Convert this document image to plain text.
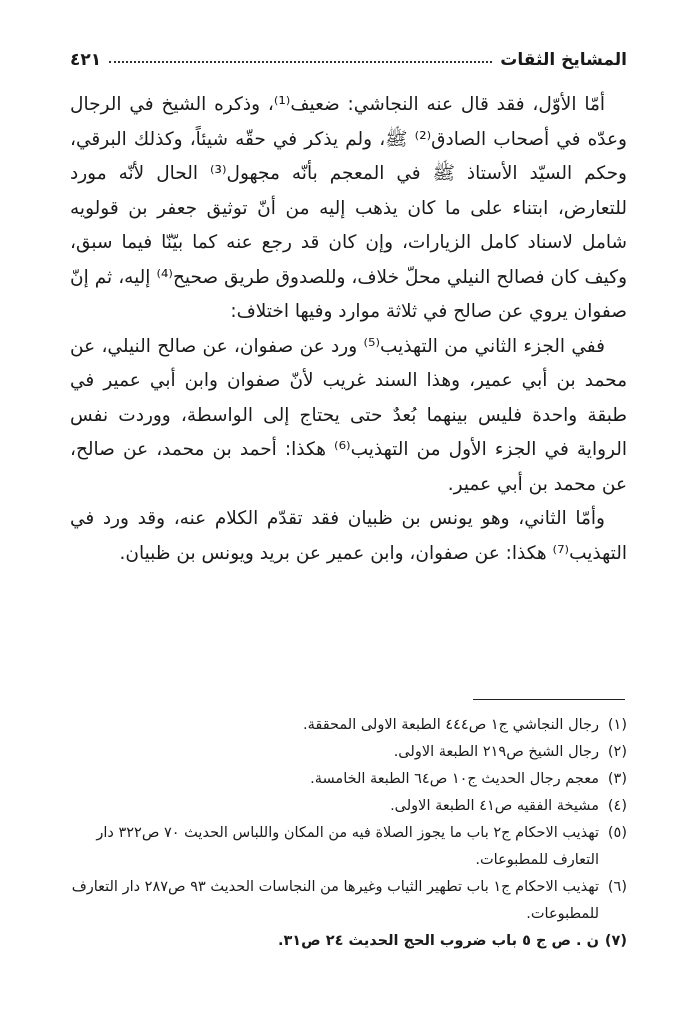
المشايخ الثقات
٤٢١

أمّا الأوّل، فقد قال عنه النجاشي: ضعيف⁽¹⁾، وذكره الشيخ في الرجال وعدّه في أصحاب الصادق⁽²⁾ ﷺ، ولم يذكر في حقّه شيئاً، وكذلك البرقي، وحكم السيّد الأستاذ ﷺ في المعجم بأنّه مجهول⁽³⁾ الحال لأنّه مورد للتعارض، ابتناء على ما كان يذهب إليه من أنّ توثيق جعفر بن قولويه شامل لاسناد كامل الزيارات، وإن كان قد رجع عنه كما بيّنّا فيما سبق، وكيف كان فصالح النيلي محلّ خلاف، وللصدوق طريق صحيح⁽⁴⁾ إليه، ثم إنّ صفوان يروي عن صالح في ثلاثة موارد وفيها اختلاف:

ففي الجزء الثاني من التهذيب⁽⁵⁾ ورد عن صفوان، عن صالح النيلي، عن محمد بن أبي عمير، وهذا السند غريب لأنّ صفوان وابن أبي عمير في طبقة واحدة فليس بينهما بُعدٌ حتى يحتاج إلى الواسطة، ووردت نفس الرواية في الجزء الأول من التهذيب⁽⁶⁾ هكذا: أحمد بن محمد، عن صالح، عن محمد بن أبي عمير.

وأمّا الثاني، وهو يونس بن ظبيان فقد تقدّم الكلام عنه، وقد ورد في التهذيب⁽⁷⁾ هكذا: عن صفوان، وابن عمير عن بريد ويونس بن ظبيان.

(١)
رجال النجاشي ج١ ص٤٤٤ الطبعة الاولى المحققة.
(٢)
رجال الشيخ ص٢١٩ الطبعة الاولى.
(٣)
معجم رجال الحديث ج١٠ ص٦٤ الطبعة الخامسة.
(٤)
مشيخة الفقيه ص٤١ الطبعة الاولى.
(٥)
تهذيب الاحكام ج٢ باب ما يجوز الصلاة فيه من المكان واللباس الحديث ٧٠ ص٣٢٢ دار التعارف للمطبوعات.
(٦)
تهذيب الاحكام ج١ باب تطهير الثياب وغيرها من النجاسات الحديث ٩٣ ص٢٨٧ دار التعارف للمطبوعات.
(٧)
ن . ص ج ٥ باب ضروب الحج الحديث ٢٤ ص٣١.
